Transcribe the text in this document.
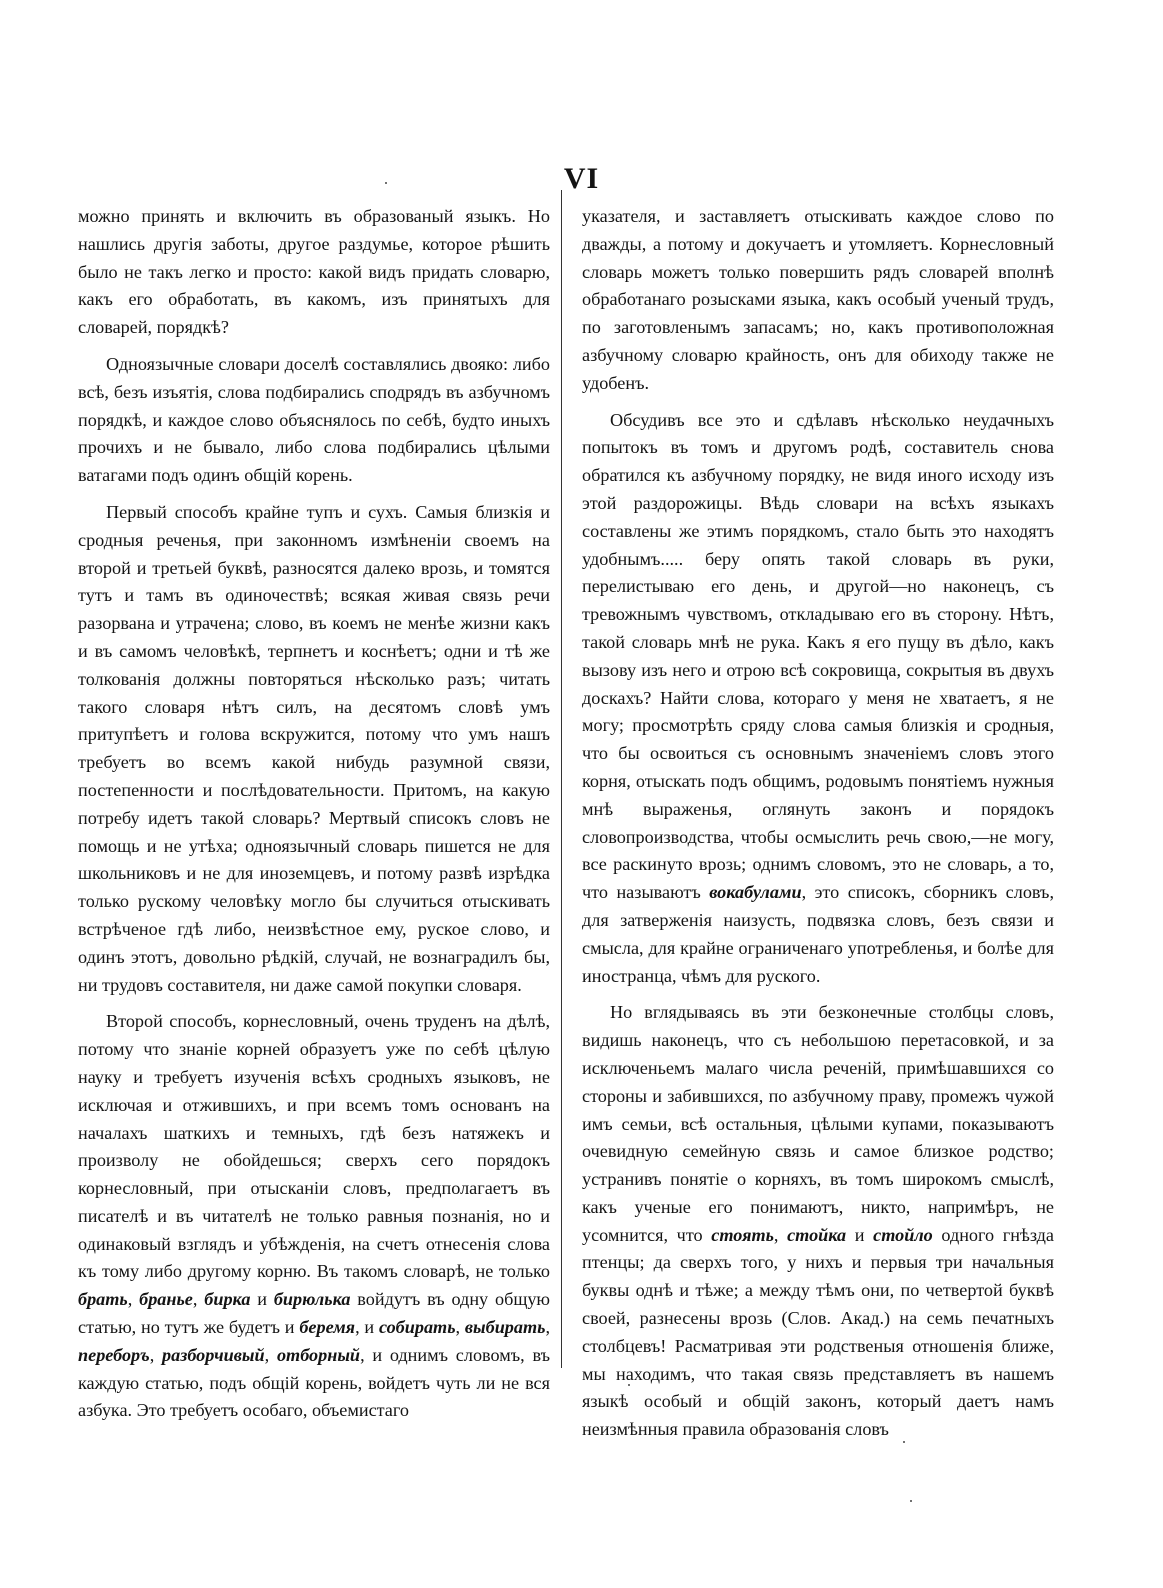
VI

можно принять и включить въ образованый языкъ. Но нашлись другія заботы, другое раздумье, которое рѣшить было не такъ легко и просто: какой видъ придать словарю, какъ его обработать, въ какомъ, изъ принятыхъ для словарей, порядкѣ?

Одноязычные словари доселѣ составлялись двояко: либо всѣ, безъ изъятія, слова подбирались сподрядъ въ азбучномъ порядкѣ, и каждое слово объяснялось по себѣ, будто иныхъ прочихъ и не бывало, либо слова подбирались цѣлыми ватагами подъ одинъ общій корень.

Первый способъ крайне тупъ и сухъ. Самыя близкія и сродныя реченья, при законномъ измѣненіи своемъ на второй и третьей буквѣ, разносятся далеко врозь, и томятся тутъ и тамъ въ одиночествѣ; всякая живая связь речи разорвана и утрачена; слово, въ коемъ не менѣе жизни какъ и въ самомъ человѣкѣ, терпнетъ и коснѣетъ; одни и тѣ же толкованія должны повторяться нѣсколько разъ; читать такого словаря нѣтъ силъ, на десятомъ словѣ умъ притупѣетъ и голова вскружится, потому что умъ нашъ требуетъ во всемъ какой нибудь разумной связи, постепенности и послѣдовательности. Притомъ, на какую потребу идетъ такой словарь? Мертвый списокъ словъ не помощь и не утѣха; одноязычный словарь пишется не для школьниковъ и не для иноземцевъ, и потому развѣ изрѣдка только рускому человѣку могло бы случиться отыскивать встрѣченое гдѣ либо, неизвѣстное ему, руское слово, и одинъ этотъ, довольно рѣдкій, случай, не вознаградилъ бы, ни трудовъ составителя, ни даже самой покупки словаря.

Второй способъ, корнесловный, очень труденъ на дѣлѣ, потому что знаніе корней образуетъ уже по себѣ цѣлую науку и требуетъ изученія всѣхъ сродныхъ языковъ, не исключая и отжившихъ, и при всемъ томъ основанъ на началахъ шаткихъ и темныхъ, гдѣ безъ натяжекъ и произволу не обойдешься; сверхъ сего порядокъ корнесловный, при отысканіи словъ, предполагаетъ въ писателѣ и въ читателѣ не только равныя познанія, но и одинаковый взглядъ и убѣжденія, на счетъ отнесенія слова къ тому либо другому корню. Въ такомъ словарѣ, не только брать, бранье, бирка и бирюлька войдутъ въ одну общую статью, но тутъ же будетъ и беремя, и собирать, выбирать, переборъ, разборчивый, отборный, и однимъ словомъ, въ каждую статью, подъ общій корень, войдетъ чуть ли не вся азбука. Это требуетъ особаго, объемистаго

указателя, и заставляетъ отыскивать каждое слово по дважды, а потому и докучаетъ и утомляетъ. Корнесловный словарь можетъ только повершить рядъ словарей вполнѣ обработанаго розысками языка, какъ особый ученый трудъ, по заготовленымъ запасамъ; но, какъ противоположная азбучному словарю крайность, онъ для обиходу также не удобенъ.

Обсудивъ все это и сдѣлавъ нѣсколько неудачныхъ попытокъ въ томъ и другомъ родѣ, составитель снова обратился къ азбучному порядку, не видя иного исходу изъ этой раздорожицы. Вѣдь словари на всѣхъ языкахъ составлены же этимъ порядкомъ, стало быть это находятъ удобнымъ..... беру опять такой словарь въ руки, перелистываю его день, и другой—но наконецъ, съ тревожнымъ чувствомъ, откладываю его въ сторону. Нѣтъ, такой словарь мнѣ не рука. Какъ я его пущу въ дѣло, какъ вызову изъ него и отрою всѣ сокровища, сокрытыя въ двухъ доскахъ? Найти слова, котораго у меня не хватаетъ, я не могу; просмотрѣть сряду слова самыя близкія и сродныя, что бы освоиться съ основнымъ значеніемъ словъ этого корня, отыскать подъ общимъ, родовымъ понятіемъ нужныя мнѣ выраженья, оглянуть законъ и порядокъ словопроизводства, чтобы осмыслить речь свою,—не могу, все раскинуто врозь; однимъ словомъ, это не словарь, а то, что называютъ вокабулами, это списокъ, сборникъ словъ, для затверженія наизусть, подвязка словъ, безъ связи и смысла, для крайне ограниченаго употребленья, и болѣе для иностранца, чѣмъ для руского.

Но вглядываясь въ эти безконечные столбцы словъ, видишь наконецъ, что съ небольшою перетасовкой, и за исключеньемъ малаго числа реченій, примѣшавшихся со стороны и забившихся, по азбучному праву, промежъ чужой имъ семьи, всѣ остальныя, цѣлыми купами, показываютъ очевидную семейную связь и самое близкое родство; устранивъ понятіе о корняхъ, въ томъ широкомъ смыслѣ, какъ ученые его понимаютъ, никто, напримѣръ, не усомнится, что стоять, стойка и стойло одного гнѣзда птенцы; да сверхъ того, у нихъ и первыя три начальныя буквы однѣ и тѣже; а между тѣмъ они, по четвертой буквѣ своей, разнесены врозь (Слов. Акад.) на семь печатныхъ столбцевъ! Расматривая эти родственыя отношенія ближе, мы находимъ, что такая связь представляетъ въ нашемъ языкѣ особый и общій законъ, который даетъ намъ неизмѣнныя правила образованія словъ
